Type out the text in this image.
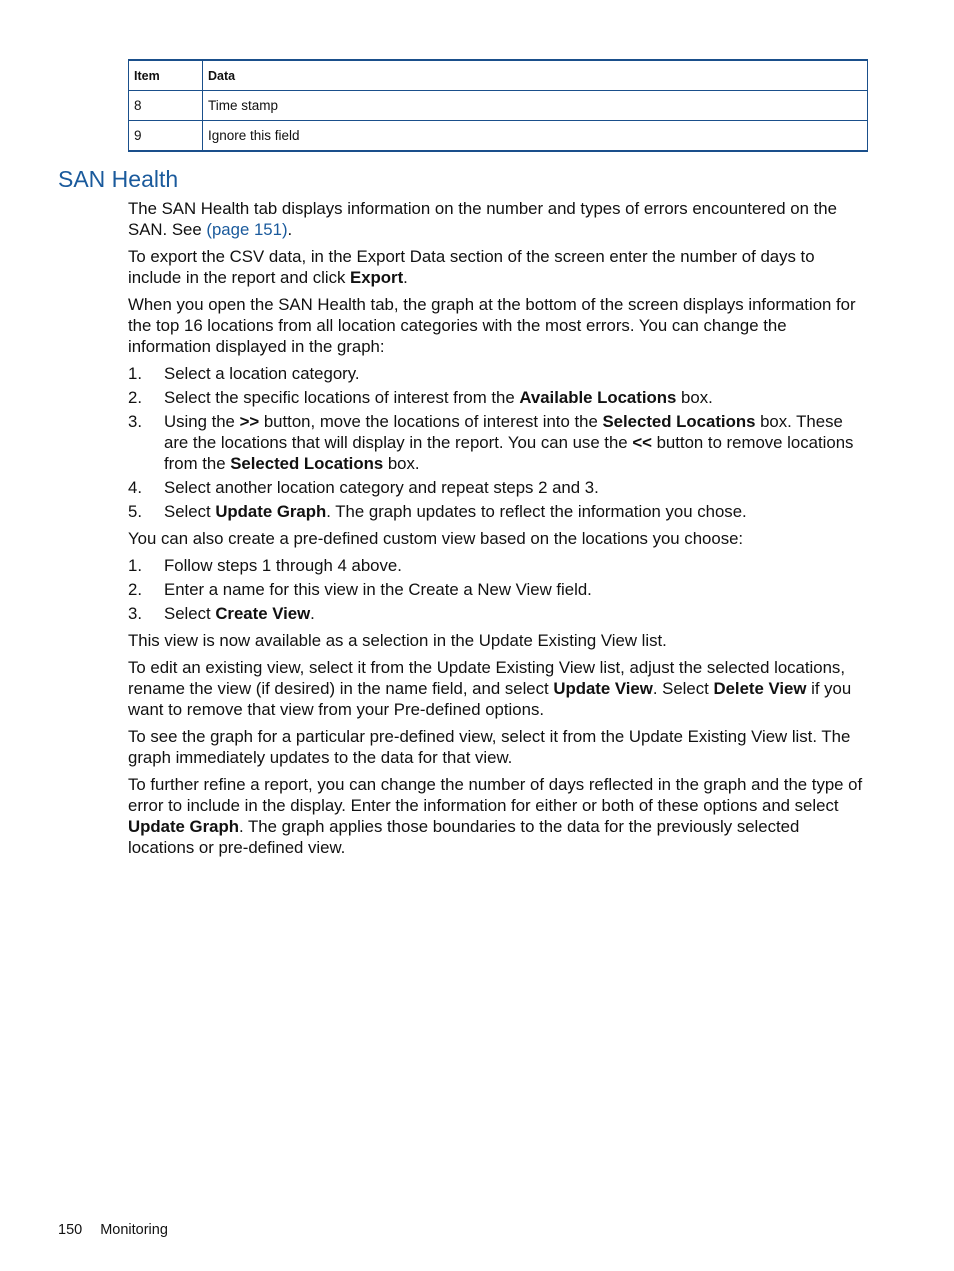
Item	Data
8	Time stamp
9	Ignore this field
SAN Health

The SAN Health tab displays information on the number and types of errors encountered on the SAN. See (page 151).

To export the CSV data, in the Export Data section of the screen enter the number of days to include in the report and click Export.

When you open the SAN Health tab, the graph at the bottom of the screen displays information for the top 16 locations from all location categories with the most errors. You can change the information displayed in the graph:

1. Select a location category.
2. Select the specific locations of interest from the Available Locations box.
3. Using the >> button, move the locations of interest into the Selected Locations box. These are the locations that will display in the report. You can use the << button to remove locations from the Selected Locations box.
4. Select another location category and repeat steps 2 and 3.
5. Select Update Graph. The graph updates to reflect the information you chose.

You can also create a pre-defined custom view based on the locations you choose:

1. Follow steps 1 through 4 above.
2. Enter a name for this view in the Create a New View field.
3. Select Create View.

This view is now available as a selection in the Update Existing View list.

To edit an existing view, select it from the Update Existing View list, adjust the selected locations, rename the view (if desired) in the name field, and select Update View. Select Delete View if you want to remove that view from your Pre-defined options.

To see the graph for a particular pre-defined view, select it from the Update Existing View list. The graph immediately updates to the data for that view.

To further refine a report, you can change the number of days reflected in the graph and the type of error to include in the display. Enter the information for either or both of these options and select Update Graph. The graph applies those boundaries to the data for the previously selected locations or pre-defined view.

150 Monitoring
